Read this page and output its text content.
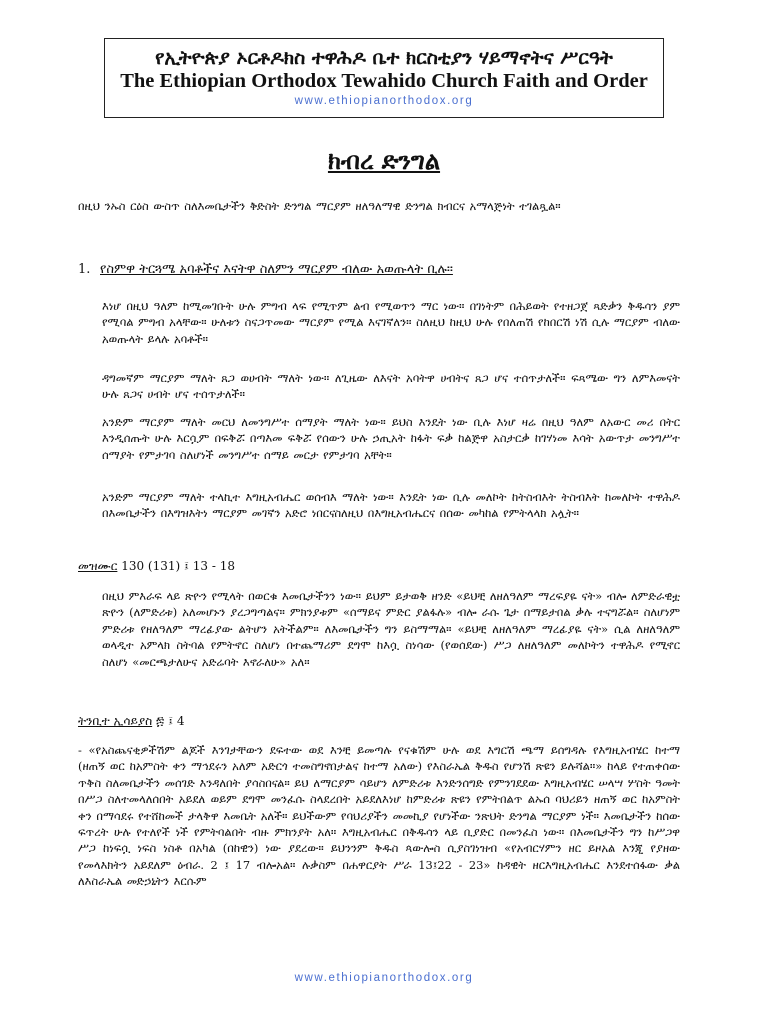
የኢትዮጵያ ኦርቶዶክስ ተዋሕዶ ቤተ ክርስቲያን ሃይማኖትና ሥርዓት
The Ethiopian Orthodox Tewahido Church Faith and Order
www.ethiopianorthodox.org
ክብረ ድንግል

በዚህ ንኡስ ርዕስ ውስጥ ስለእመቤታችን ቅድስት ድንግል ማርያም ዘለዓለማዊ ድንግል ክብርና አማላጅነት ተገልጿል።

1. የስምዋ ትርጓሜ አባቶችና እናትዋ ስለምን ማርያም ብለው አወጡላት ቢሉ።

እነሆ በዚህ ዓለም ከሚመገቡት ሁሉ ምግብ ላፍ የሚጥም ልብ የሚወጥን ማር ነው። በገነትም በሕይወት የተዘጋጀ ጻድቃን ቅዱሳን ያም የሚባል ምግብ አላቸው። ሁለቱን ስናጋጥመው ማርያም የሚል እናገኛለን። ስለዚህ ከዚህ ሁሉ የበለጠሽ የከበርሽ ነሽ ሲሉ ማርያም ብለው አወጡላት ይላሉ አባቶች።

ዳግመኛም ማርያም ማለት ጸጋ ወሀብት ማለት ነው። ለጊዜው ለእናት አባትዋ ሀብትና ጸጋ ሆና ተሰጥታለች። ፍጻሜው ግን ለምእመናት ሁሉ ጸጋና ሀብት ሆና ተሰጥታለች።

አንድም ማርያም ማለት መርህ ለመንግሥተ ሰማያት ማለት ነው። ይህስ እንዴት ነው ቢሉ እነሆ ዛሬ በዚህ ዓለም ለአውር መሪ በትር እንዲሰጡት ሁሉ እርሷም በፍቅሯ በጣእመ ፍቅሯ የሰውን ሁሉ ኃጢአት ከፋት ፍቃ ከልጅዋ አስታርቃ ከገሃነመ እሳት አውጥታ መንግሥተ ሰማያት የምታገባ ስለሆነች መንግሥተ ሰማይ መርታ የምታገባ አቸት።

አንድም ማርያም ማለት ተላኪተ እግዚአብሔር ወሰብእ ማለት ነው። እንዴት ነው ቢሉ መለኮት ከትስብእት ትስብእት ከመለኮት ተዋሕዶ በእመቤታችን በእግዝእትነ ማርያም መገኛን አድሮ ነበርናስለዚህ በእግዚአብሔርና በሰው መካከል የምትላላክ አሏት።

መዝሙር 130 (131) ፤ 13 - 18

በዚህ ምእራፍ ላይ ጽዮን የሚላት በወርቁ እመቤታችንን ነው። ይህም ይታወቅ ዘንድ «ይህቺ ለዘለዓለም ማረፍያዬ ናት» ብሎ ለምድራዊቷ ጽዮን (ለምድሪቱ) አለመሆኑን ያረጋግጣልና። ምክንያቱም «ሰማይና ምድር ያልፋሉ» ብሎ ራሱ ጌታ በማይታበል ቃሉ ተናግሯል። ስለሆነም ምድሪቱ የዘለዓለም ማረፊያው ልትሆን አትችልም። ለእመቤታችን ግን ይስማማል። «ይህቺ ለዘለዓለም ማረፊያዬ ናት» ሲል ለዘለዓለም ወላዲተ አምላክ ስትባል የምትኖር ስለሆነ በተጨማሪም ደግሞ ከእሷ ስነሳው (የወሰደው) ሥጋ ለዘለዓለም መለኮትን ተዋሕዶ የሚኖር ስለሆነ «መርጫታለሁና አድሬባት እኖራለሁ» አለ።

ትንቢተ ኢሳይያስ ፷ ፤ 4

- «የአስጨናቂዎችሽም ልጆች እንገታቸውን ደፍተው ወደ እንቺ ይመጣሉ የናቁሽም ሁሉ ወደ እግርሽ ጫማ ይሰግዳሉ የእግዚአብሄር ከተማ (ዘጠኝ ወር ከአምስት ቀን ማኅደሩን አለም አድርጎ ተመስግኖበታልና ከተማ አለው) የእስራኤል ቅዱስ የሆንሽ ጽዩን ይሉሻል።» ከላይ የተጠቀሰው ጥቅስ ስለመቤታችን መሰገድ እንዳለበት ያሳስበናል። ይህ ለማርያም ሳይሆን ለምድሪቱ እንድንሰግድ የምንገደደው እግዚአብሄር ሠላሣ ሦስት ዓመት በሥጋ ስለተመላለሰበት አይደለ ወይም ደግሞ መንፈሱ ስላደረበት አይደለእነሆ ከምድሪቱ ጽዩን የምትበልጥ ልኡሰ ባህሪይን ዘጠኝ ወር ከአምስት ቀን በማሳደሩ የተሸከመች ታላቅዋ እመቤት አለች። ይህችውም የባህሪያችን መመኪያ የሆነችው ንጽህት ድንግል ማርያም ነች። እመቤታችን ከሰው ፍጥረት ሁሉ የተለየች ነች የምትባልበት ብዙ ምክንያት አለ። እግዚአብሔር በቅዱሳን ላይ ቢያድር በመንፈስ ነው። በእመቤታችን ግን ከሥጋዋ ሥጋ ከነፍሷ ነፍስ ነስቶ በአካል (በከዊን) ነው ያደረው። ይህንንም ቅዱስ ጳውሎስ ሲያስገነዝብ «የአብርሃምን ዘር ይዞአል እንጂ የያዘው የመላእክትን አይደለም ዕብራ. 2 ፤ 17 ብሎአል። ሉቃስም በሐዋርያት ሥራ 13፤22 - 23» ከዳዊት ዘርእግዚአብሔር እንደተሰፋው ቃል ለእስራኤል መድኃኒትን እርሱም

www.ethiopianorthodox.org
